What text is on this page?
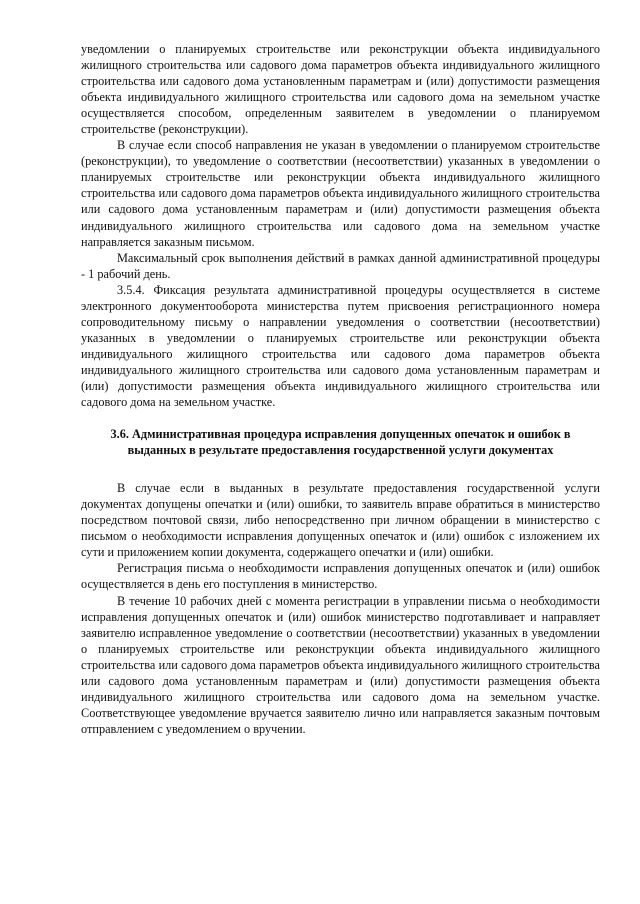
уведомлении о планируемых строительстве или реконструкции объекта индивидуального жилищного строительства или садового дома параметров объекта индивидуального жилищного строительства или садового дома установленным параметрам и (или) допустимости размещения объекта индивидуального жилищного строительства или садового дома на земельном участке осуществляется способом, определенным заявителем в уведомлении о планируемом строительстве (реконструкции).

В случае если способ направления не указан в уведомлении о планируемом строительстве (реконструкции), то уведомление о соответствии (несоответствии) указанных в уведомлении о планируемых строительстве или реконструкции объекта индивидуального жилищного строительства или садового дома параметров объекта индивидуального жилищного строительства или садового дома установленным параметрам и (или) допустимости размещения объекта индивидуального жилищного строительства или садового дома на земельном участке направляется заказным письмом.

Максимальный срок выполнения действий в рамках данной административной процедуры - 1 рабочий день.

3.5.4. Фиксация результата административной процедуры осуществляется в системе электронного документооборота министерства путем присвоения регистрационного номера сопроводительному письму о направлении уведомления о соответствии (несоответствии) указанных в уведомлении о планируемых строительстве или реконструкции объекта индивидуального жилищного строительства или садового дома параметров объекта индивидуального жилищного строительства или садового дома установленным параметрам и (или) допустимости размещения объекта индивидуального жилищного строительства или садового дома на земельном участке.

3.6. Административная процедура исправления допущенных опечаток и ошибок в выданных в результате предоставления государственной услуги документах

В случае если в выданных в результате предоставления государственной услуги документах допущены опечатки и (или) ошибки, то заявитель вправе обратиться в министерство посредством почтовой связи, либо непосредственно при личном обращении в министерство с письмом о необходимости исправления допущенных опечаток и (или) ошибок с изложением их сути и приложением копии документа, содержащего опечатки и (или) ошибки.

Регистрация письма о необходимости исправления допущенных опечаток и (или) ошибок осуществляется в день его поступления в министерство.

В течение 10 рабочих дней с момента регистрации в управлении письма о необходимости исправления допущенных опечаток и (или) ошибок министерство подготавливает и направляет заявителю исправленное уведомление о соответствии (несоответствии) указанных в уведомлении о планируемых строительстве или реконструкции объекта индивидуального жилищного строительства или садового дома параметров объекта индивидуального жилищного строительства или садового дома установленным параметрам и (или) допустимости размещения объекта индивидуального жилищного строительства или садового дома на земельном участке. Соответствующее уведомление вручается заявителю лично или направляется заказным почтовым отправлением с уведомлением о вручении.
